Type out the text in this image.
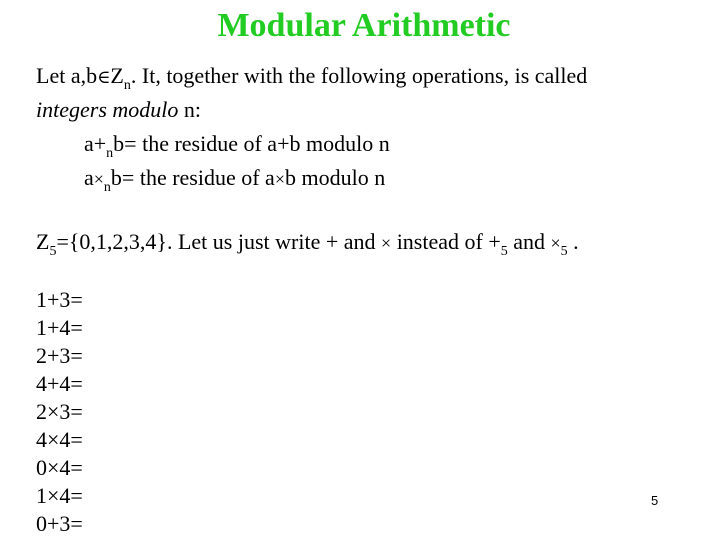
Modular Arithmetic
Let $a,b\in Z_n$. It, together with the following operations, is called
integers modulo n:
$a+_nb=$ the residue of a+b modulo n
$a\times_nb=$ the residue of a×b modulo n
$Z_5=\{0,1,2,3,4\}$. Let us just write + and × instead of $+_5$ and $\times_5$ .
1+3=
1+4=
2+3=
4+4=
2×3=
4×4=
0×4=
1×4=
0+3=
5
